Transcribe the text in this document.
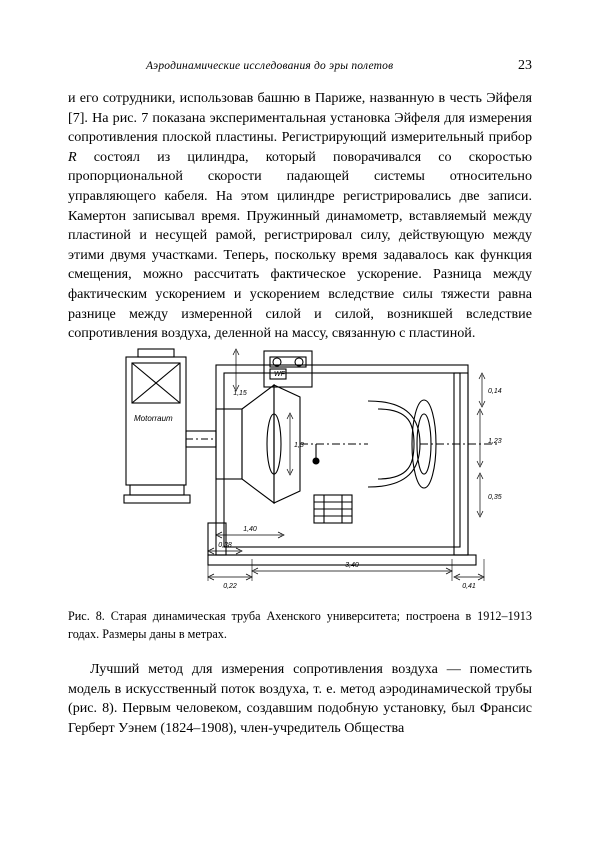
Аэродинамические исследования до эры полетов	23
и его сотрудники, использовав башню в Париже, названную в честь Эйфеля [7]. На рис. 7 показана экспериментальная установка Эйфеля для измерения сопротивления плоской пластины. Регистрирующий измерительный прибор R состоял из цилиндра, который поворачивался со скоростью пропорциональной скорости падающей системы относительно управляющего кабеля. На этом цилиндре регистрировались две записи. Камертон записывал время. Пружинный динамометр, вставляемый между пластиной и несущей рамой, регистрировал силу, действующую между этими двумя участками. Теперь, поскольку время задавалось как функция смещения, можно рассчитать фактическое ускорение. Разница между фактическим ускорением и ускорением вследствие силы тяжести равна разнице между измеренной силой и силой, возникшей вследствие сопротивления воздуха, деленной на массу, связанную с пластиной.
Motorraum
WF
1,15	0,14
1,23
1,3
0,35
1,40
0,38
0,22
3,40
0,41
Рис. 8. Старая динамическая труба Аxенского университета; построена в 1912–1913 годах. Размеры даны в метрах.
Лучший метод для измерения сопротивления воздуха — поместить модель в искусственный поток воздуха, т. е. метод аэродинамической трубы (рис. 8). Первым человеком, создавшим подобную установку, был Франсис Герберт Уэнем (1824–1908), член-учредитель Общества
